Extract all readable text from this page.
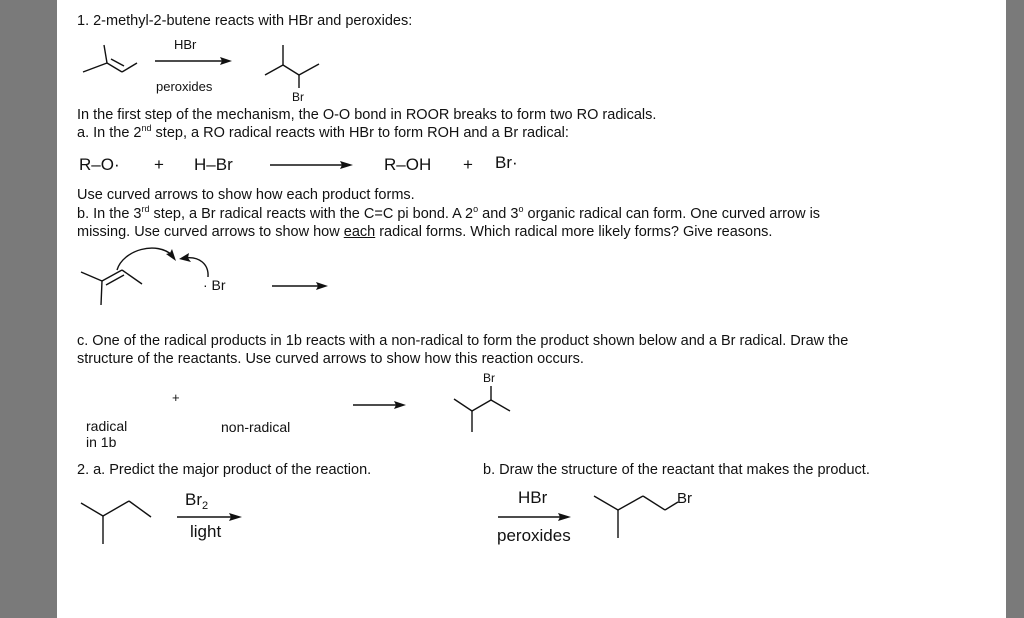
1. 2-methyl-2-butene reacts with HBr and peroxides:
HBr
peroxides
Br
In the first step of the mechanism, the O-O bond in ROOR breaks to form two RO radicals.
a. In the 2nd step, a RO radical reacts with HBr to form ROH and a Br radical:
R–O· + H–Br	R–OH + Br·
Use curved arrows to show how each product forms.
b. In the 3rd step, a Br radical reacts with the C=C pi bond. A 2$^o$ and 3$^o$ organic radical can form. One curved arrow is
missing. Use curved arrows to show how each radical forms. Which radical more likely forms? Give reasons.
· Br
c. One of the radical products in 1b reacts with a non-radical to form the product shown below and a Br radical. Draw the
structure of the reactants. Use curved arrows to show how this reaction occurs.
Br
+
radical
in 1b
non-radical
2. a. Predict the major product of the reaction.	b. Draw the structure of the reactant that makes the product.
$Br_2$
light
HBr
peroxides
Br
